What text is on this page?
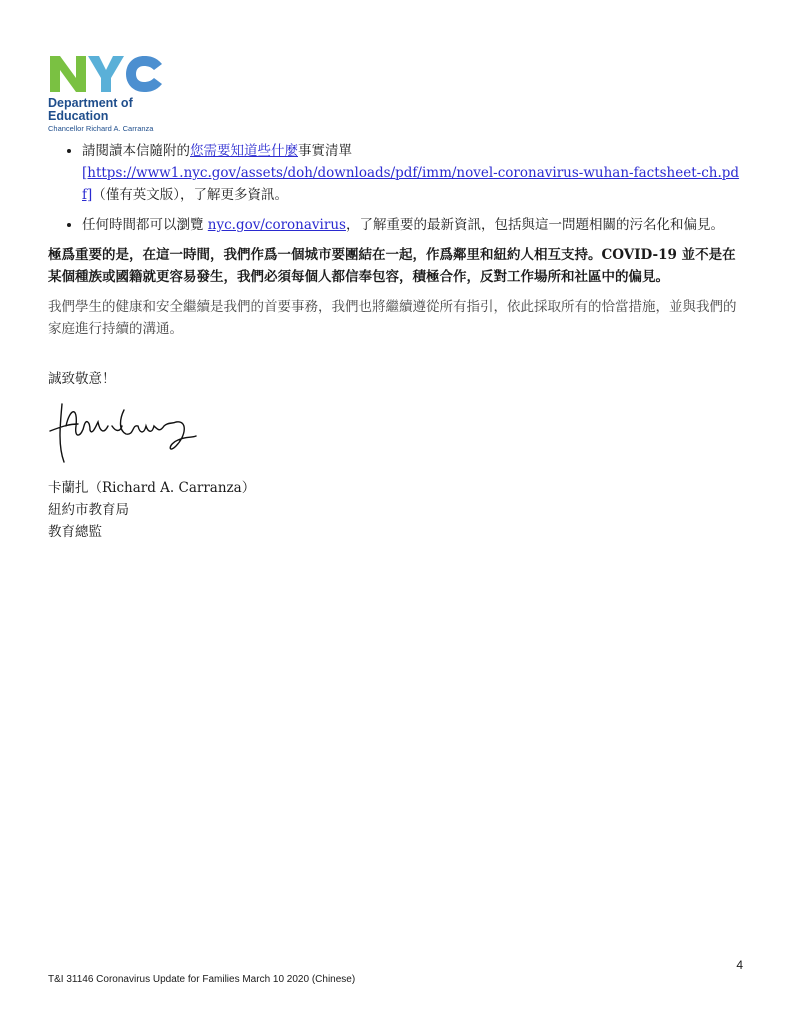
Department of Education
Chancellor Richard A. Carranza
• 請閱讀本信隨附的您需要知道些什麼事實清單
[https://www1.nyc.gov/assets/doh/downloads/pdf/imm/novel-coronavirus-wuhan-factsheet-ch.pdf]（僅有英文版），了解更多資訊。
• 任何時間都可以瀏覽 nyc.gov/coronavirus，了解重要的最新資訊，包括與這一問題相關的污名化和偏見。

極爲重要的是，在這一時間，我們作爲一個城市要團結在一起，作爲鄰里和紐約人相互支持。COVID-19 並不是在某個種族或國籍就更容易發生，我們必須每個人都信奉包容，積極合作，反對工作場所和社區中的偏見。

我們學生的健康和安全繼續是我們的首要事務，我們也將繼續遵從所有指引，依此採取所有的恰當措施，並與我們的家庭進行持續的溝通。

誠致敬意！

卡蘭扎（Richard A. Carranza）

紐約市教育局

教育總監

4
T&I 31146 Coronavirus Update for Families March 10 2020 (Chinese)
